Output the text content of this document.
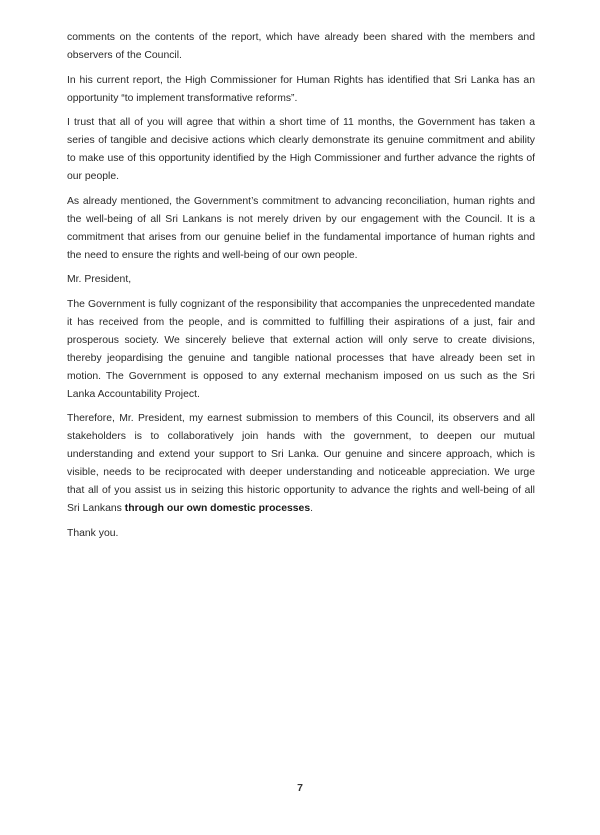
comments on the contents of the report, which have already been shared with the members and observers of the Council.

In his current report, the High Commissioner for Human Rights has identified that Sri Lanka has an opportunity “to implement transformative reforms”.

I trust that all of you will agree that within a short time of 11 months, the Government has taken a series of tangible and decisive actions which clearly demonstrate its genuine commitment and ability to make use of this opportunity identified by the High Commissioner and further advance the rights of our people.

As already mentioned, the Government’s commitment to advancing reconciliation, human rights and the well-being of all Sri Lankans is not merely driven by our engagement with the Council. It is a commitment that arises from our genuine belief in the fundamental importance of human rights and the need to ensure the rights and well-being of our own people.

Mr. President,

The Government is fully cognizant of the responsibility that accompanies the unprecedented mandate it has received from the people, and is committed to fulfilling their aspirations of a just, fair and prosperous society. We sincerely believe that external action will only serve to create divisions, thereby jeopardising the genuine and tangible national processes that have already been set in motion. The Government is opposed to any external mechanism imposed on us such as the Sri Lanka Accountability Project.

Therefore, Mr. President, my earnest submission to members of this Council, its observers and all stakeholders is to collaboratively join hands with the government, to deepen our mutual understanding and extend your support to Sri Lanka. Our genuine and sincere approach, which is visible, needs to be reciprocated with deeper understanding and noticeable appreciation. We urge that all of you assist us in seizing this historic opportunity to advance the rights and well-being of all Sri Lankans through our own domestic processes.

Thank you.

7
